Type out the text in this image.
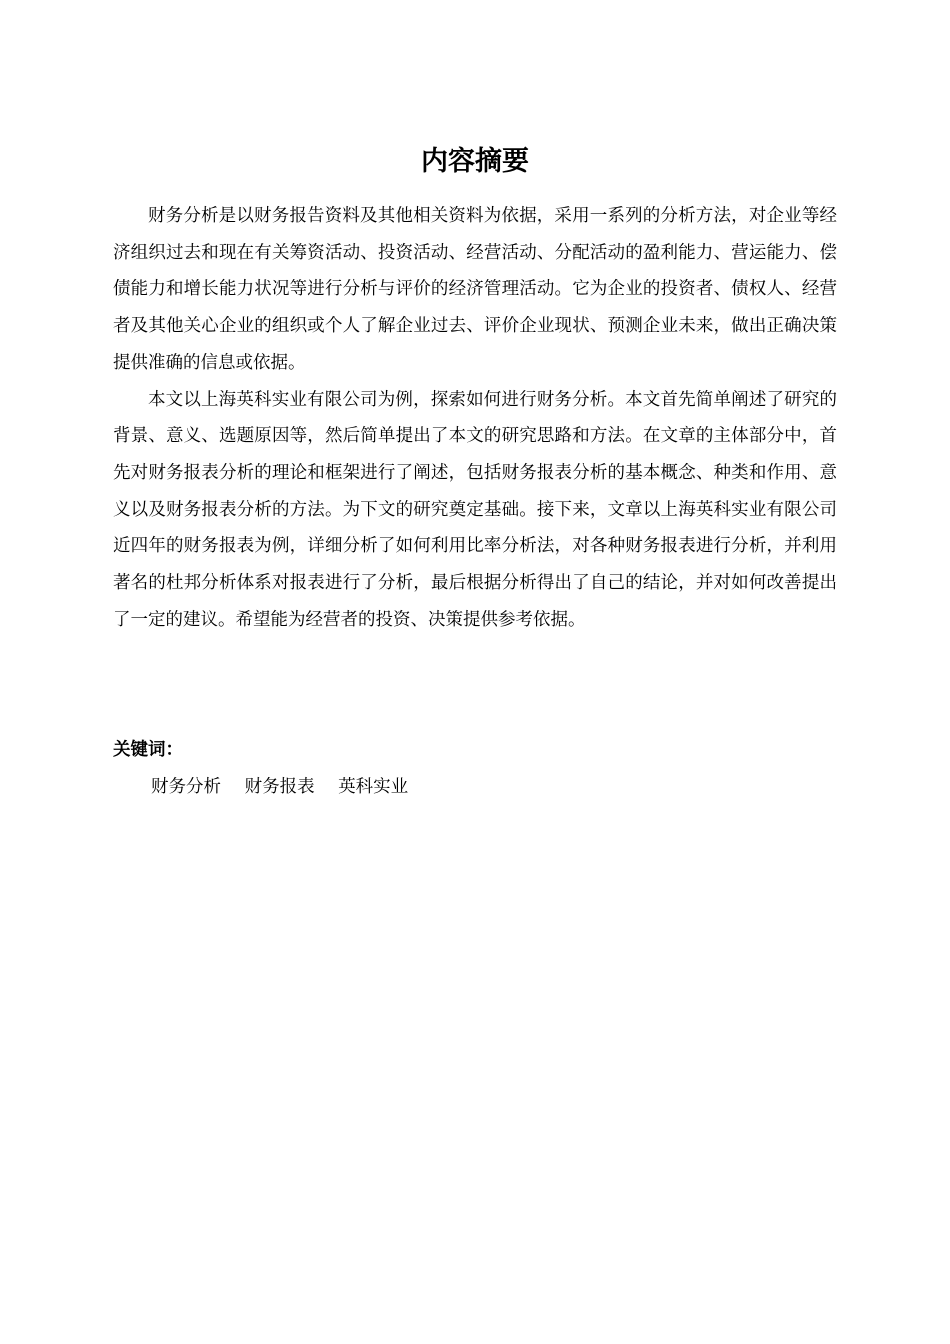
内容摘要

财务分析是以财务报告资料及其他相关资料为依据，采用一系列的分析方法，对企业等经济组织过去和现在有关筹资活动、投资活动、经营活动、分配活动的盈利能力、营运能力、偿债能力和增长能力状况等进行分析与评价的经济管理活动。它为企业的投资者、债权人、经营者及其他关心企业的组织或个人了解企业过去、评价企业现状、预测企业未来，做出正确决策提供准确的信息或依据。

本文以上海英科实业有限公司为例，探索如何进行财务分析。本文首先简单阐述了研究的背景、意义、选题原因等，然后简单提出了本文的研究思路和方法。在文章的主体部分中，首先对财务报表分析的理论和框架进行了阐述，包括财务报表分析的基本概念、种类和作用、意义以及财务报表分析的方法。为下文的研究奠定基础。接下来，文章以上海英科实业有限公司近四年的财务报表为例，详细分析了如何利用比率分析法，对各种财务报表进行分析，并利用著名的杜邦分析体系对报表进行了分析，最后根据分析得出了自己的结论，并对如何改善提出了一定的建议。希望能为经营者的投资、决策提供参考依据。

关键词：
财务分析 财务报表 英科实业
